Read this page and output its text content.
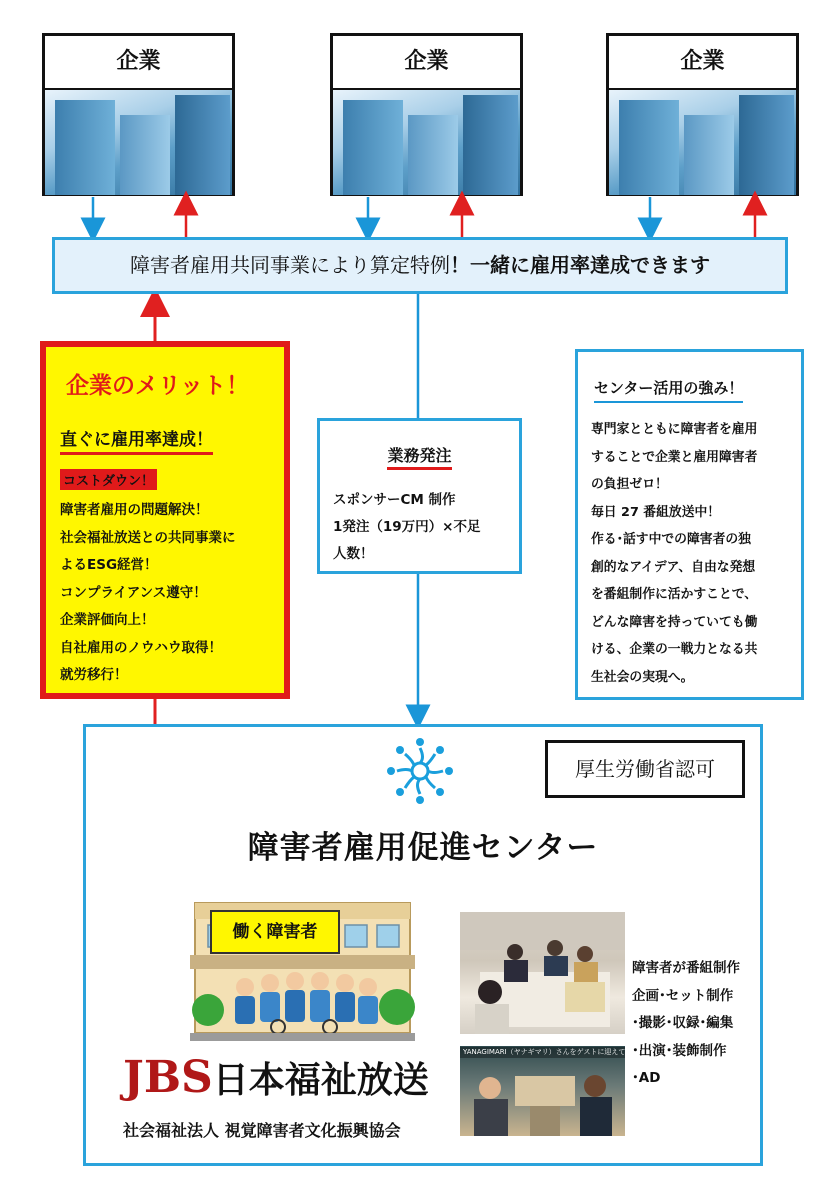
企業	企業	企業
障害者雇用共同事業により算定特例！一緒に雇用率達成できます
企業のメリット！
直ぐに雇用率達成！
コストダウン！
障害者雇用の問題解決！
社会福祉放送との共同事業に
よるESG経営！
コンプライアンス遵守！
企業評価向上！
自社雇用のノウハウ取得！
就労移行！
業務発注
スポンサーCM 制作
1発注（19万円）×不足
人数！
センター活用の強み！
専門家とともに障害者を雇用
することで企業と雇用障害者
の負担ゼロ！
毎日 27 番組放送中！
作る･話す中での障害者の独
創的なアイデア、自由な発想
を番組制作に活かすことで、
どんな障害を持っていても働
ける、企業の一戦力となる共
生社会の実現へ。
厚生労働省認可
障害者雇用促進センター
働く障害者
JBS日本福祉放送
社会福祉法人 視覚障害者文化振興協会
YANAGIMARI（ヤナギマリ）さんをゲストに迎えて
障害者が番組制作
企画･セット制作
･撮影･収録･編集
･出演･装飾制作
･AD
